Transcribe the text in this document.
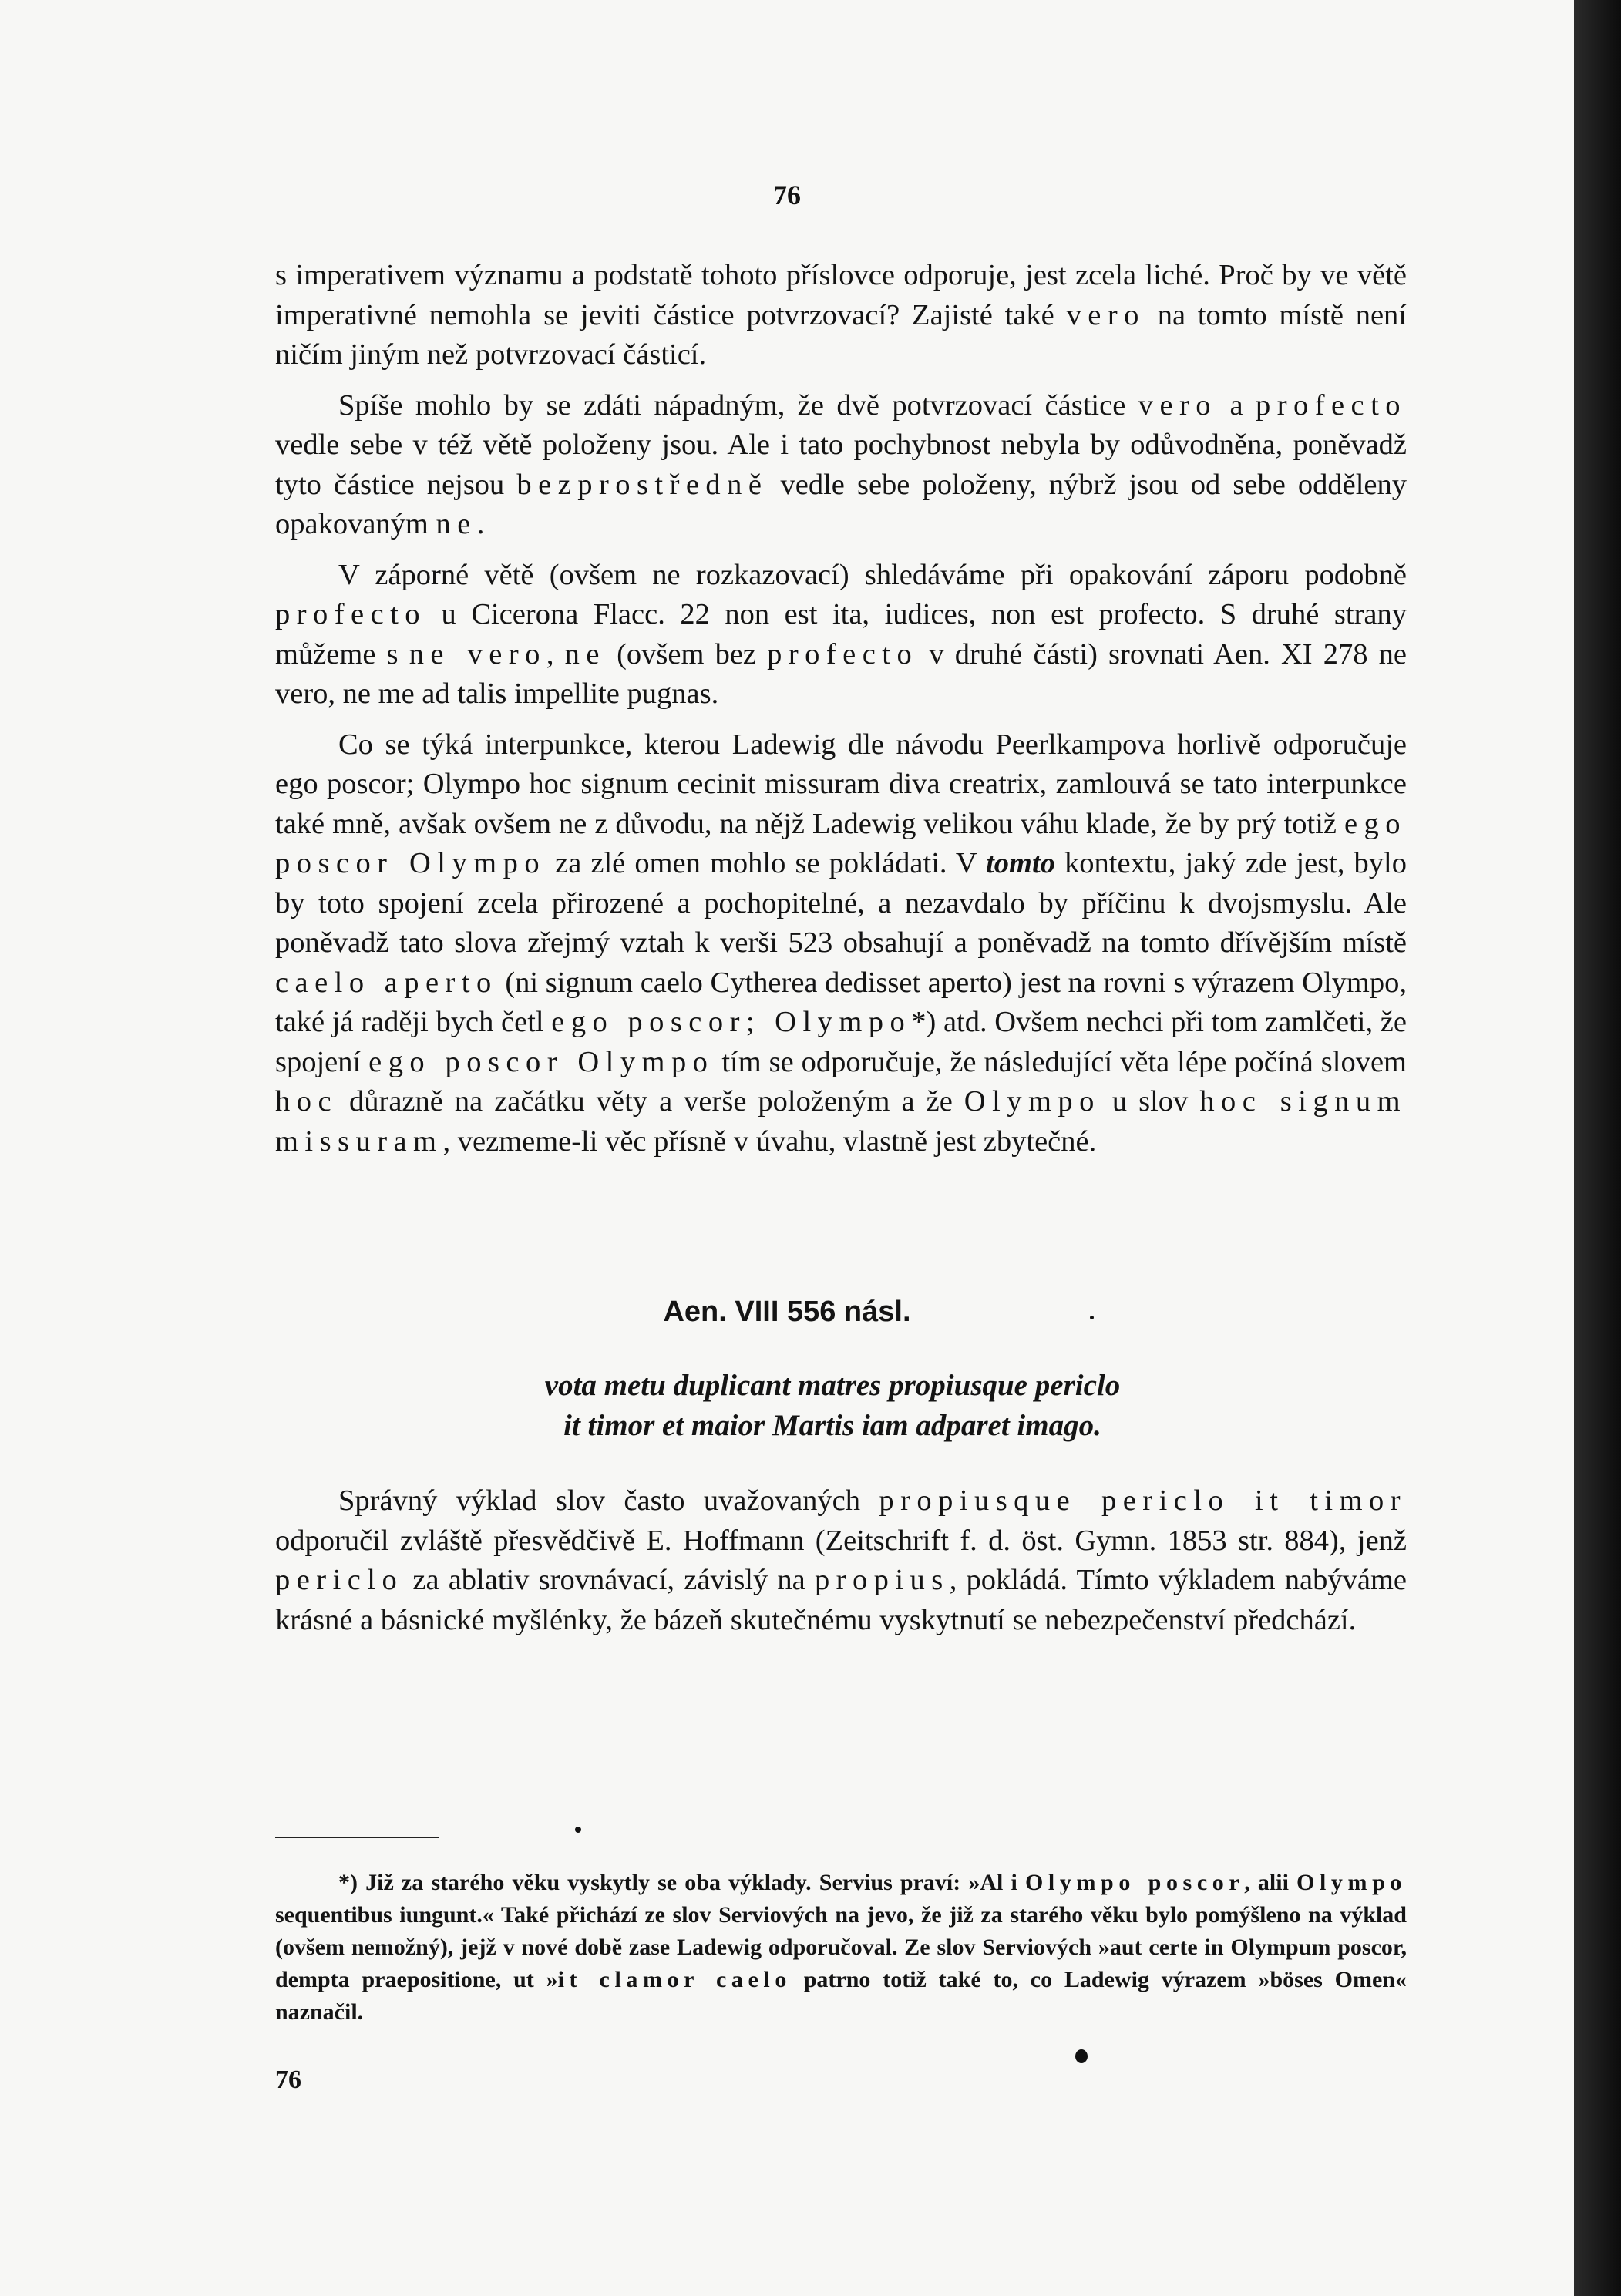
76

s imperativem významu a podstatě tohoto příslovce odporuje, jest zcela liché. Proč by ve větě imperativné nemohla se jeviti částice potvrzovací? Zajisté také vero na tomto místě není ničím jiným než potvrzovací částicí.

Spíše mohlo by se zdáti nápadným, že dvě potvrzovací částice vero a profecto vedle sebe v též větě položeny jsou. Ale i tato pochybnost nebyla by odůvodněna, poněvadž tyto částice nejsou bezprostředně vedle sebe položeny, nýbrž jsou od sebe odděleny opakovaným ne.

V záporné větě (ovšem ne rozkazovací) shledáváme při opakování záporu podobně profecto u Cicerona Flacc. 22 non est ita, iudices, non est profecto. S druhé strany můžeme s ne vero, ne (ovšem bez profecto v druhé části) srovnati Aen. XI 278 ne vero, ne me ad talis impellite pugnas.

Co se týká interpunkce, kterou Ladewig dle návodu Peerlkampova horlivě odporučuje ego poscor; Olympo hoc signum cecinit missuram diva creatrix, zamlouvá se tato interpunkce také mně, avšak ovšem ne z důvodu, na nějž Ladewig velikou váhu klade, že by prý totiž ego poscor Olympo za zlé omen mohlo se pokládati. V tomto kontextu, jaký zde jest, bylo by toto spojení zcela přirozené a pochopitelné, a nezavdalo by příčinu k dvojsmyslu. Ale poněvadž tato slova zřejmý vztah k verši 523 obsahují a poněvadž na tomto dřívějším místě caelo aperto (ni signum caelo Cytherea dedisset aperto) jest na rovni s výrazem Olympo, také já raději bych četl ego poscor; Olympo*) atd. Ovšem nechci při tom zamlčeti, že spojení ego poscor Olympo tím se odporučuje, že následující věta lépe počíná slovem hoc důrazně na začátku věty a verše položeným a že Olympo u slov hoc signum missuram, vezmeme-li věc přísně v úvahu, vlastně jest zbytečné.

Aen. VIII 556 násl.
vota metu duplicant matres propiusque periclo
it timor et maior Martis iam adparet imago.

Správný výklad slov často uvažovaných propiusque periclo it timor odporučil zvláště přesvědčivě E. Hoffmann (Zeitschrift f. d. öst. Gymn. 1853 str. 884), jenž periclo za ablativ srovnávací, závislý na propius, pokládá. Tímto výkladem nabýváme krásné a básnické myšlénky, že bázeň skutečnému vyskytnutí se nebezpečenství předchází.

*) Již za starého věku vyskytly se oba výklady. Servius praví: »Al i Olympo poscor, alii Olympo sequentibus iungunt.« Také přichází ze slov Serviových na jevo, že již za starého věku bylo pomýšleno na výklad (ovšem nemožný), jejž v nové době zase Ladewig odporučoval. Ze slov Serviových »aut certe in Olympum poscor, dempta praepositione, ut »it clamor caelo patrno totiž také to, co Ladewig výrazem »böses Omen« naznačil.

76
